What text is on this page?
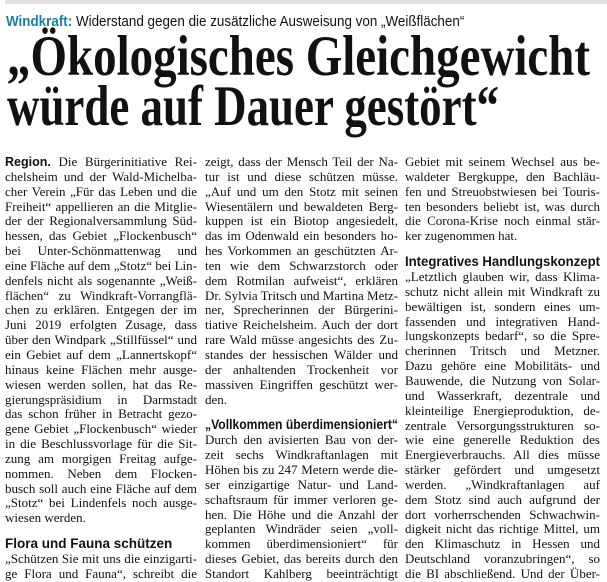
Windkraft: Widerstand gegen die zusätzliche Ausweisung von „Weißflächen“
„Ökologisches Gleichgewicht
würde auf Dauer gestört“
Region. Die Bürgerinitiative Rei-
chelsheim und der Wald-Michelba-
cher Verein „Für das Leben und die
Freiheit“ appellieren an die Mitglie-
der der Regionalversammlung Süd-
hessen, das Gebiet „Flockenbusch“
bei Unter-Schönmattenwag und
eine Fläche auf dem „Stotz“ bei Lin-
denfels nicht als sogenannte „Weiß-
flächen“ zu Windkraft-Vorrangflä-
chen zu erklären. Entgegen der im
Juni 2019 erfolgten Zusage, dass
über den Windpark „Stillfüssel“ und
ein Gebiet auf dem „Lannertskopf“
hinaus keine Flächen mehr ausge-
wiesen werden sollen, hat das Re-
gierungspräsidium in Darmstadt
das schon früher in Betracht gezo-
gene Gebiet „Flockenbusch“ wieder
in die Beschlussvorlage für die Sit-
zung am morgigen Freitag aufge-
nommen. Neben dem Flocken-
busch soll auch eine Fläche auf dem
„Stotz“ bei Lindenfels noch ausge-
wiesen werden.
Flora und Fauna schützen
„Schützen Sie mit uns die einzigarti-
ge Flora und Fauna“, schreibt die
zeigt, dass der Mensch Teil der Na-
tur ist und diese schützen müsse.
„Auf und um den Stotz mit seinen
Wiesentälern und bewaldeten Berg-
kuppen ist ein Biotop angesiedelt,
das im Odenwald ein besonders ho-
hes Vorkommen an geschützten Ar-
ten wie dem Schwarzstorch oder
dem Rotmilan aufweist“, erklären
Dr. Sylvia Tritsch und Martina Metz-
ner, Sprecherinnen der Bürgerini-
tiative Reichelsheim. Auch der dort
rare Wald müsse angesichts des Zu-
standes der hessischen Wälder und
der anhaltenden Trockenheit vor
massiven Eingriffen geschützt wer-
den.
„Vollkommen überdimensioniert“
Durch den avisierten Bau von der-
zeit sechs Windkraftanlagen mit
Höhen bis zu 247 Metern werde die-
ser einzigartige Natur- und Land-
schaftsraum für immer verloren ge-
hen. Die Höhe und die Anzahl der
geplanten Windräder seien „voll-
kommen überdimensioniert“ für
dieses Gebiet, das bereits durch den
Standort Kahlberg beeinträchtigt
Gebiet mit seinem Wechsel aus be-
waldeter Bergkuppe, den Bachläu-
fen und Streuobstwiesen bei Touris-
ten besonders beliebt ist, was durch
die Corona-Krise noch einmal stär-
ker zugenommen hat.
Integratives Handlungskonzept
„Letztlich glauben wir, dass Klima-
schutz nicht allein mit Windkraft zu
bewältigen ist, sondern eines um-
fassenden und integrativen Hand-
lungskonzepts bedarf“, so die Spre-
cherinnen Tritsch und Metzner.
Dazu gehöre eine Mobilitäts- und
Bauwende, die Nutzung von Solar-
und Wasserkraft, dezentrale und
kleinteilige Energieproduktion, de-
zentrale Versorgungsstrukturen so-
wie eine generelle Reduktion des
Energieverbrauchs. All dies müsse
stärker gefördert und umgesetzt
werden. „Windkraftanlagen auf
dem Stotz sind auch aufgrund der
dort vorherrschenden Schwachwin-
digkeit nicht das richtige Mittel, um
den Klimaschutz in Hessen und
Deutschland voranzubringen“, so
die BI abschließend. Und der Über-
